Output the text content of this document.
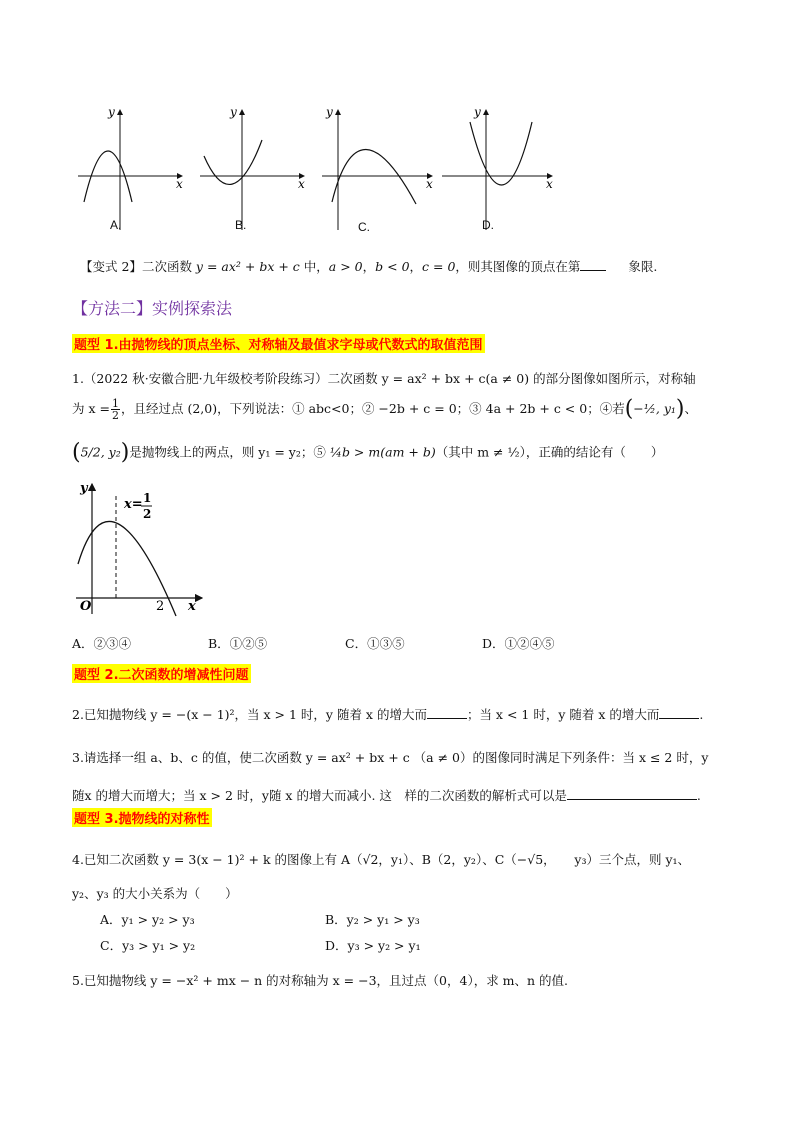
x
y
x
y
x
y
x
y
A.	B.	C.	D.
【变式 2】二次函数 y = ax² + bx + c 中，a > 0，b < 0，c = 0，则其图像的顶点在第	象限.
【方法二】实例探索法
题型 1.由抛物线的顶点坐标、对称轴及最值求字母或代数式的取值范围
1.（2022 秋·安徽合肥·九年级校考阶段练习）二次函数 y = ax² + bx + c(a ≠ 0) 的部分图像如图所示，对称轴
为 $x = \frac{1}{2}$ ，且经过点 (2,0)，下列说法：① abc<0；② −2b + c = 0；③ 4a + 2b + c < 0；④若(−½, y₁)、
(5/2, y₂)是抛物线上的两点，则 y₁ = y₂；⑤ ¼b > m(am + b)（其中 m ≠ ½），正确的结论有（　　）
y
x
O	2
x= 1
2
A．②③④	B．①②⑤	C．①③⑤	D．①②④⑤
题型 2.二次函数的增减性问题
2.已知抛物线 y = −(x − 1)²，当 x > 1 时，y 随着 x 的增大而	；当 x < 1 时，y 随着 x 的增大而	.
3.请选择一组 a、b、c 的值，使二次函数 y = ax² + bx + c （a ≠ 0）的图像同时满足下列条件：当 x ≤ 2 时，y
随x 的增大而增大；当 x > 2 时，y随 x 的增大而减小. 这　样的二次函数的解析式可以是	.
题型 3.抛物线的对称性
4.已知二次函数 y = 3(x − 1)² + k 的图像上有 A（√2，y₁）、B（2，y₂）、C（−√5，　　y₃）三个点，则 y₁、
y₂、y₃ 的大小关系为（　　）
A．y₁ > y₂ > y₃	B．y₂ > y₁ > y₃
C．y₃ > y₁ > y₂	D．y₃ > y₂ > y₁
5.已知抛物线 y = −x² + mx − n 的对称轴为 x = −3，且过点（0，4），求 m、n 的值.
